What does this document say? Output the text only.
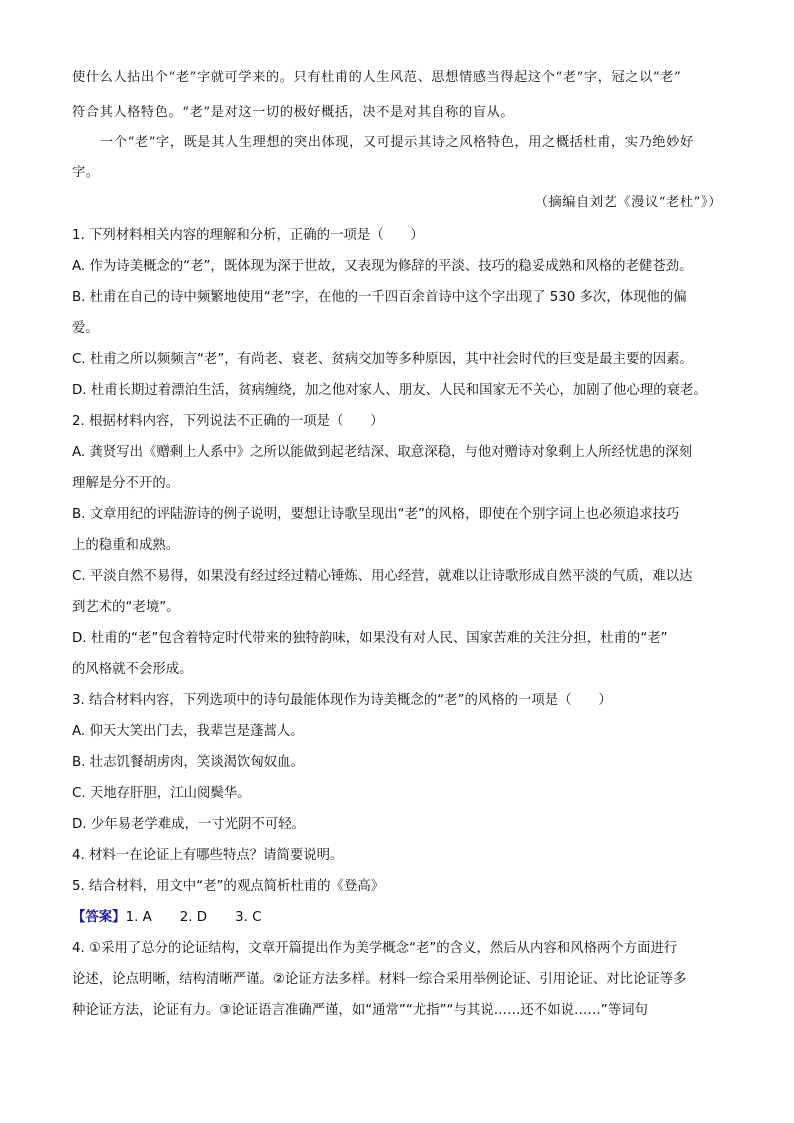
使什么人拈出个“老”字就可学来的。只有杜甫的人生风范、思想情感当得起这个“老”字，冠之以“老”
符合其人格特色。“老”是对这一切的极好概括，决不是对其自称的盲从。
一个“老”字，既是其人生理想的突出体现，又可提示其诗之风格特色，用之概括杜甫，实乃绝妙好
字。
（摘编自刘艺《漫议“老杜”》）
1. 下列材料相关内容的理解和分析，正确的一项是（　　）
A. 作为诗美概念的“老”，既体现为深于世故，又表现为修辞的平淡、技巧的稳妥成熟和风格的老健苍劲。
B. 杜甫在自己的诗中频繁地使用“老”字，在他的一千四百余首诗中这个字出现了 530 多次，体现他的偏
爱。
C. 杜甫之所以频频言“老”，有尚老、衰老、贫病交加等多种原因，其中社会时代的巨变是最主要的因素。
D. 杜甫长期过着漂泊生活，贫病缠绕，加之他对家人、朋友、人民和国家无不关心，加剧了他心理的衰老。
2. 根据材料内容，下列说法不正确的一项是（　　）
A. 龚贤写出《赠剩上人系中》之所以能做到起老结深、取意深稳，与他对赠诗对象剩上人所经忧患的深刻
理解是分不开的。
B. 文章用纪的评陆游诗的例子说明，要想让诗歌呈现出“老”的风格，即使在个别字词上也必须追求技巧
上的稳重和成熟。
C. 平淡自然不易得，如果没有经过经过精心锤炼、用心经营，就难以让诗歌形成自然平淡的气质，难以达
到艺术的“老境”。
D. 杜甫的“老”包含着特定时代带来的独特韵味，如果没有对人民、国家苦难的关注分担，杜甫的“老”
的风格就不会形成。
3. 结合材料内容，下列选项中的诗句最能体现作为诗美概念的“老”的风格的一项是（　　）
A. 仰天大笑出门去，我辈岂是蓬蒿人。
B. 壮志饥餐胡虏肉，笑谈渴饮匈奴血。
C. 天地存肝胆，江山阅鬓华。
D. 少年易老学难成，一寸光阴不可轻。
4. 材料一在论证上有哪些特点？请简要说明。
5. 结合材料，用文中“老”的观点简析杜甫的《登高》
【答案】1. A 2. D 3. C
4. ①采用了总分的论证结构，文章开篇提出作为美学概念“老”的含义，然后从内容和风格两个方面进行
论述，论点明晰，结构清晰严谨。②论证方法多样。材料一综合采用举例论证、引用论证、对比论证等多
种论证方法，论证有力。③论证语言准确严谨，如“通常”“尤指”“与其说……还不如说……”等词句
